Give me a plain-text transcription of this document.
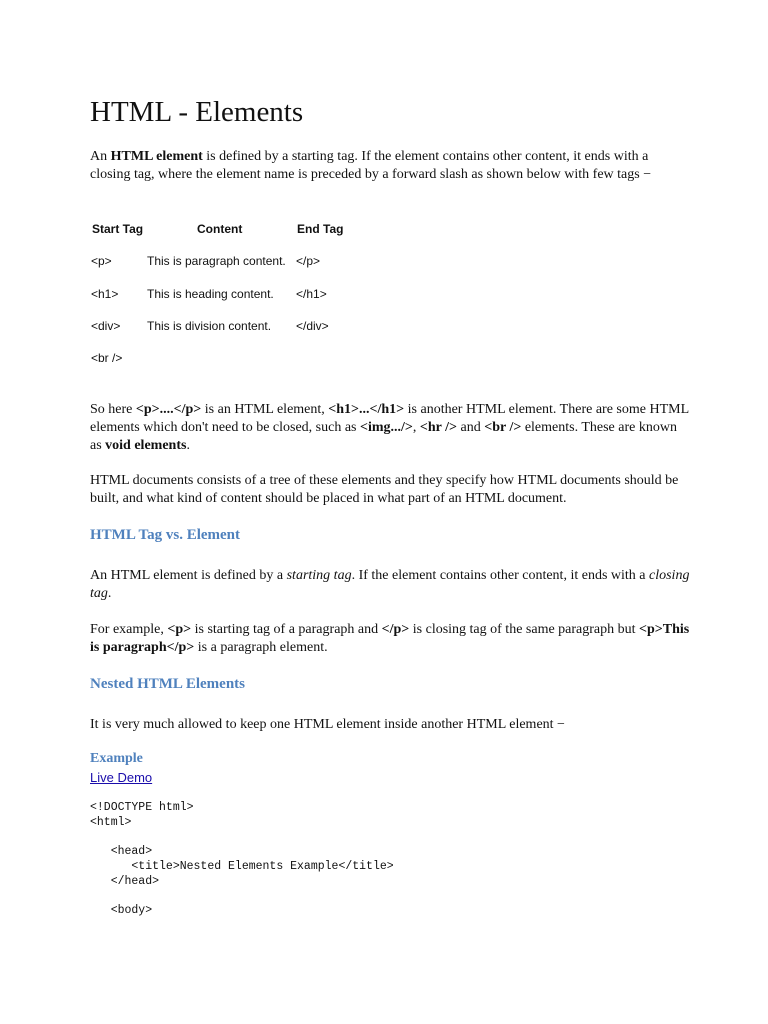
HTML - Elements

An HTML element is defined by a starting tag. If the element contains other content, it ends with a closing tag, where the element name is preceded by a forward slash as shown below with few tags −

Start Tag	Content	End Tag
<p>	This is paragraph content. </p>
<h1> This is heading content. </h1>
<div> This is division content. </div>
<br />

So here <p>....</p> is an HTML element, <h1>...</h1> is another HTML element. There are some HTML elements which don't need to be closed, such as <img.../>, <hr /> and <br /> elements. These are known as void elements.

HTML documents consists of a tree of these elements and they specify how HTML documents should be built, and what kind of content should be placed in what part of an HTML document.

HTML Tag vs. Element

An HTML element is defined by a starting tag. If the element contains other content, it ends with a closing tag.

For example, <p> is starting tag of a paragraph and </p> is closing tag of the same paragraph but <p>This is paragraph</p> is a paragraph element.

Nested HTML Elements

It is very much allowed to keep one HTML element inside another HTML element −

Example
Live Demo
<!DOCTYPE html>
<html>

<head>
<title>Nested Elements Example</title>
</head>

<body>
